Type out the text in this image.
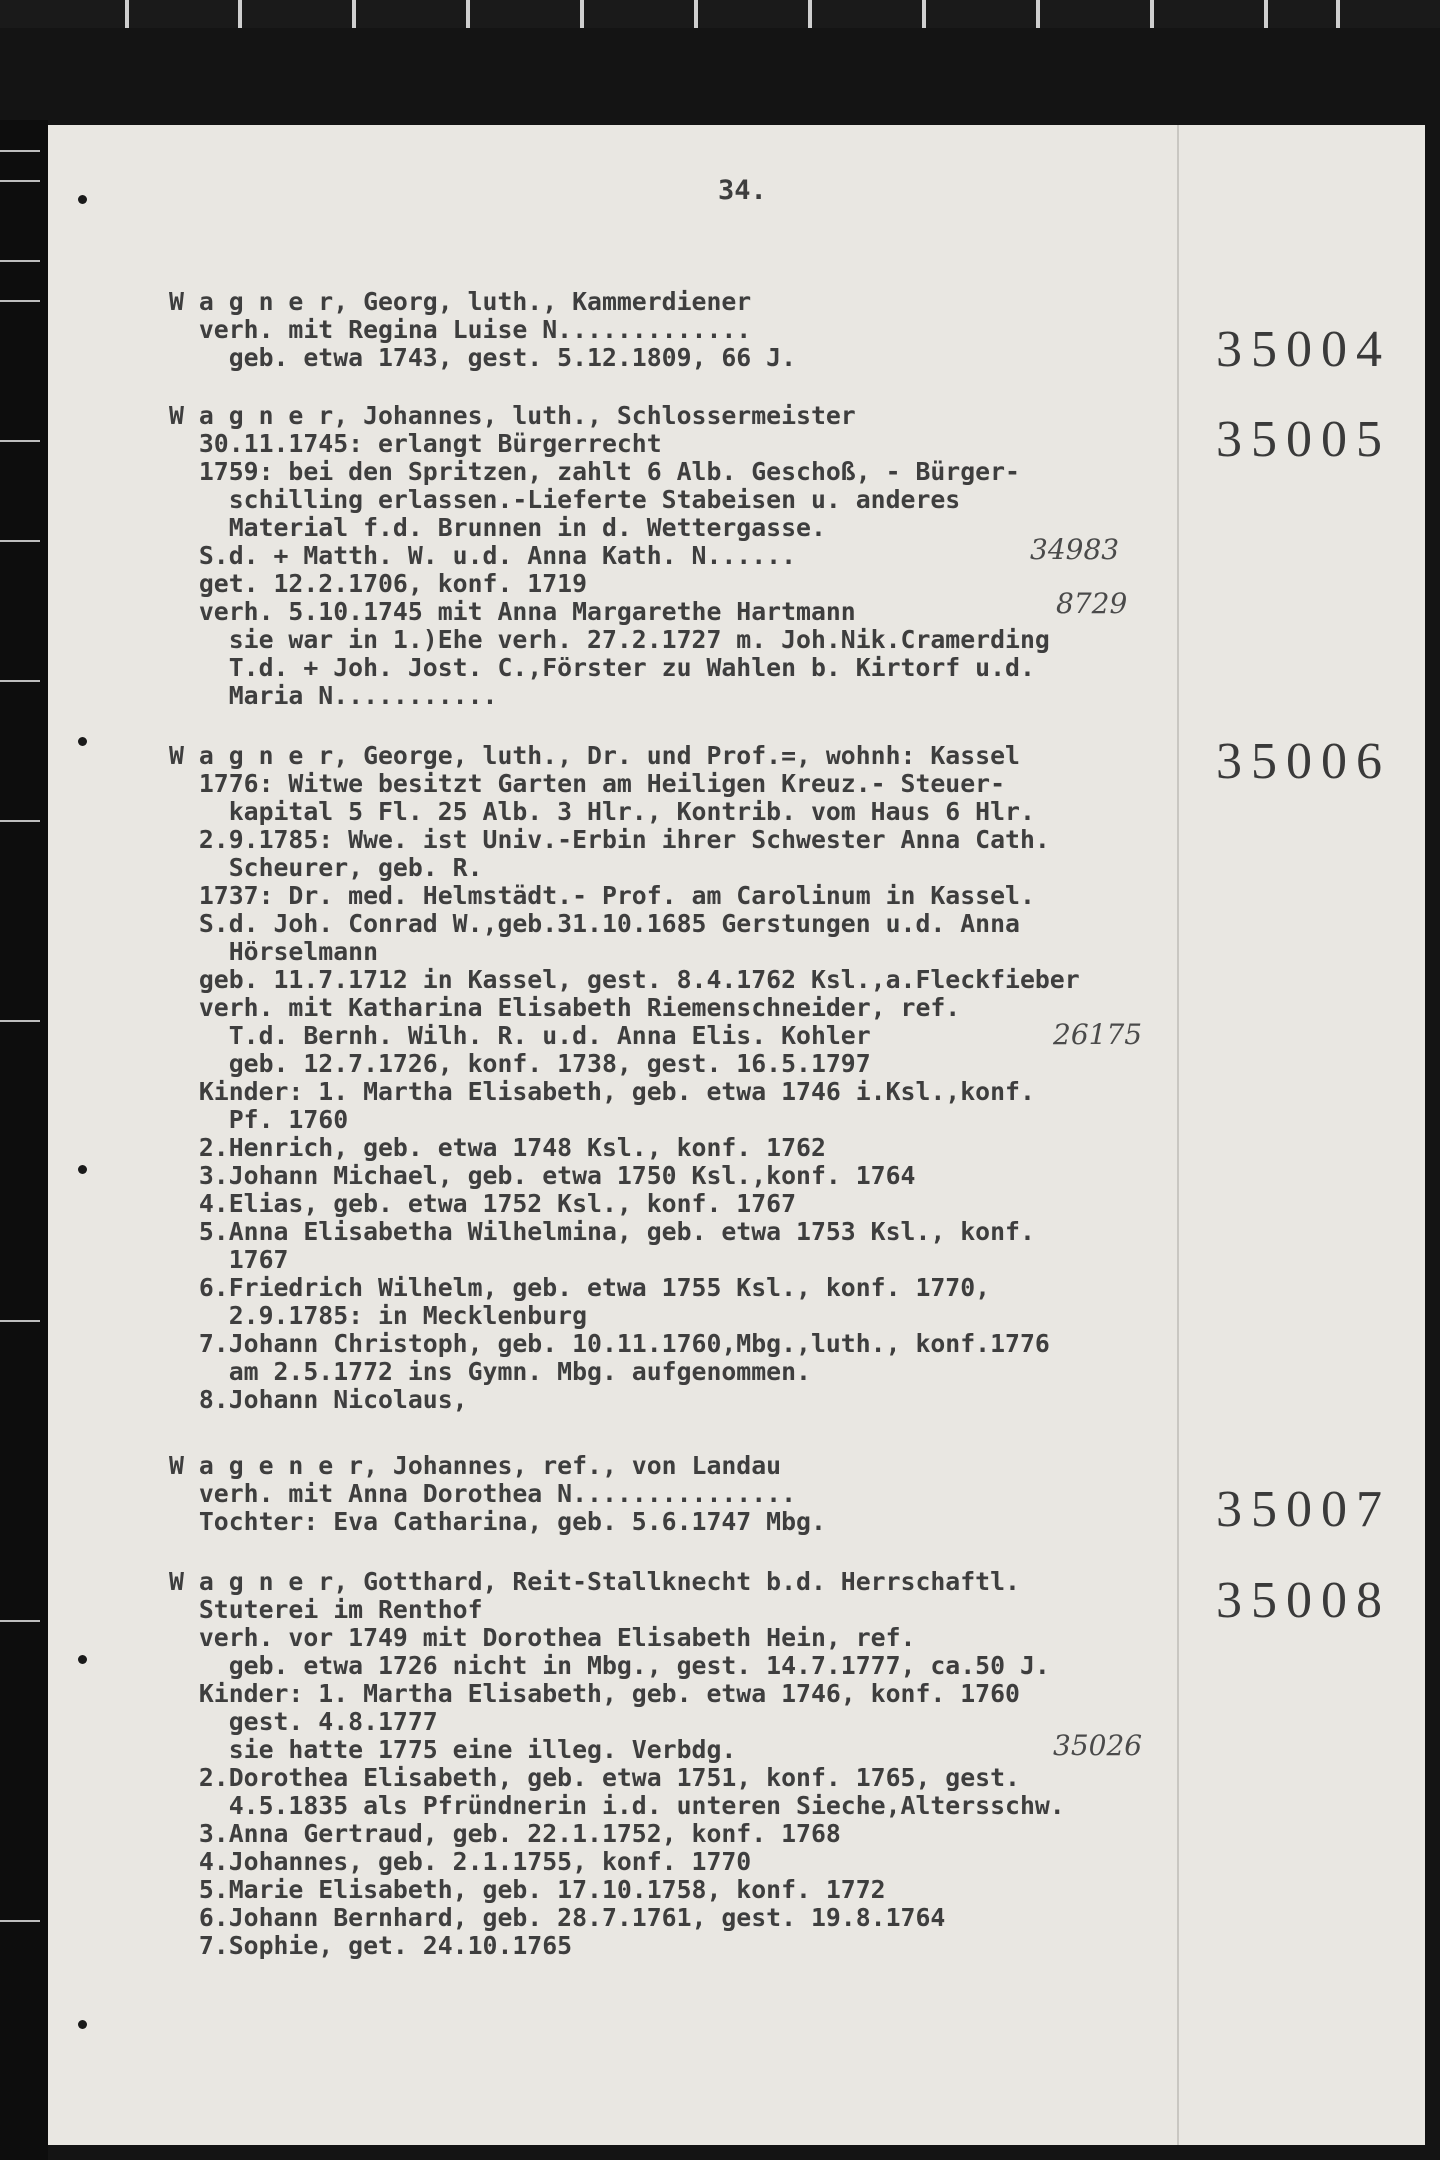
34.

W a g n e r, Georg, luth., Kammerdiener

verh. mit Regina Luise N.............

geb. etwa 1743, gest. 5.12.1809, 66 J.	35004

W a g n e r, Johannes, luth., Schlossermeister

30.11.1745: erlangt Bürgerrecht

1759: bei den Spritzen, zahlt 6 Alb. Geschoß, - Bürger-

schilling erlassen.-Lieferte Stabeisen u. anderes

Material f.d. Brunnen in d. Wettergasse.

S.d. + Matth. W. u.d. Anna Kath. N......

get. 12.2.1706, konf. 1719

verh. 5.10.1745 mit Anna Margarethe Hartmann

sie war in 1.)Ehe verh. 27.2.1727 m. Joh.Nik.Cramerding

T.d. + Joh. Jost. C.,Förster zu Wahlen b. Kirtorf u.d.

Maria N...........

35005

34983

8729

W a g n e r, George, luth., Dr. und Prof.=, wohnh: Kassel

1776: Witwe besitzt Garten am Heiligen Kreuz.- Steuer-

kapital 5 Fl. 25 Alb. 3 Hlr., Kontrib. vom Haus 6 Hlr.

2.9.1785: Wwe. ist Univ.-Erbin ihrer Schwester Anna Cath.

Scheurer, geb. R.

1737: Dr. med. Helmstädt.- Prof. am Carolinum in Kassel.

S.d. Joh. Conrad W.,geb.31.10.1685 Gerstungen u.d. Anna

Hörselmann

geb. 11.7.1712 in Kassel, gest. 8.4.1762 Ksl.,a.Fleckfieber

verh. mit Katharina Elisabeth Riemenschneider, ref.

T.d. Bernh. Wilh. R. u.d. Anna Elis. Kohler

geb. 12.7.1726, konf. 1738, gest. 16.5.1797

Kinder: 1. Martha Elisabeth, geb. etwa 1746 i.Ksl.,konf.

Pf. 1760

2.Henrich, geb. etwa 1748 Ksl., konf. 1762

3.Johann Michael, geb. etwa 1750 Ksl.,konf. 1764

4.Elias, geb. etwa 1752 Ksl., konf. 1767

5.Anna Elisabetha Wilhelmina, geb. etwa 1753 Ksl., konf.

1767

6.Friedrich Wilhelm, geb. etwa 1755 Ksl., konf. 1770,

2.9.1785: in Mecklenburg

7.Johann Christoph, geb. 10.11.1760,Mbg.,luth., konf.1776

am 2.5.1772 ins Gymn. Mbg. aufgenommen.

8.Johann Nicolaus,

35006

26175

W a g e n e r, Johannes, ref., von Landau

verh. mit Anna Dorothea N...............

Tochter: Eva Catharina, geb. 5.6.1747 Mbg.	35007

W a g n e r, Gotthard, Reit-Stallknecht b.d. Herrschaftl.

Stuterei im Renthof

verh. vor 1749 mit Dorothea Elisabeth Hein, ref.

geb. etwa 1726 nicht in Mbg., gest. 14.7.1777, ca.50 J.

Kinder: 1. Martha Elisabeth, geb. etwa 1746, konf. 1760

gest. 4.8.1777

sie hatte 1775 eine illeg. Verbdg.

2.Dorothea Elisabeth, geb. etwa 1751, konf. 1765, gest.

4.5.1835 als Pfründnerin i.d. unteren Sieche,Altersschw.

3.Anna Gertraud, geb. 22.1.1752, konf. 1768

4.Johannes, geb. 2.1.1755, konf. 1770

5.Marie Elisabeth, geb. 17.10.1758, konf. 1772

6.Johann Bernhard, geb. 28.7.1761, gest. 19.8.1764

7.Sophie, get. 24.10.1765

35008

35026
